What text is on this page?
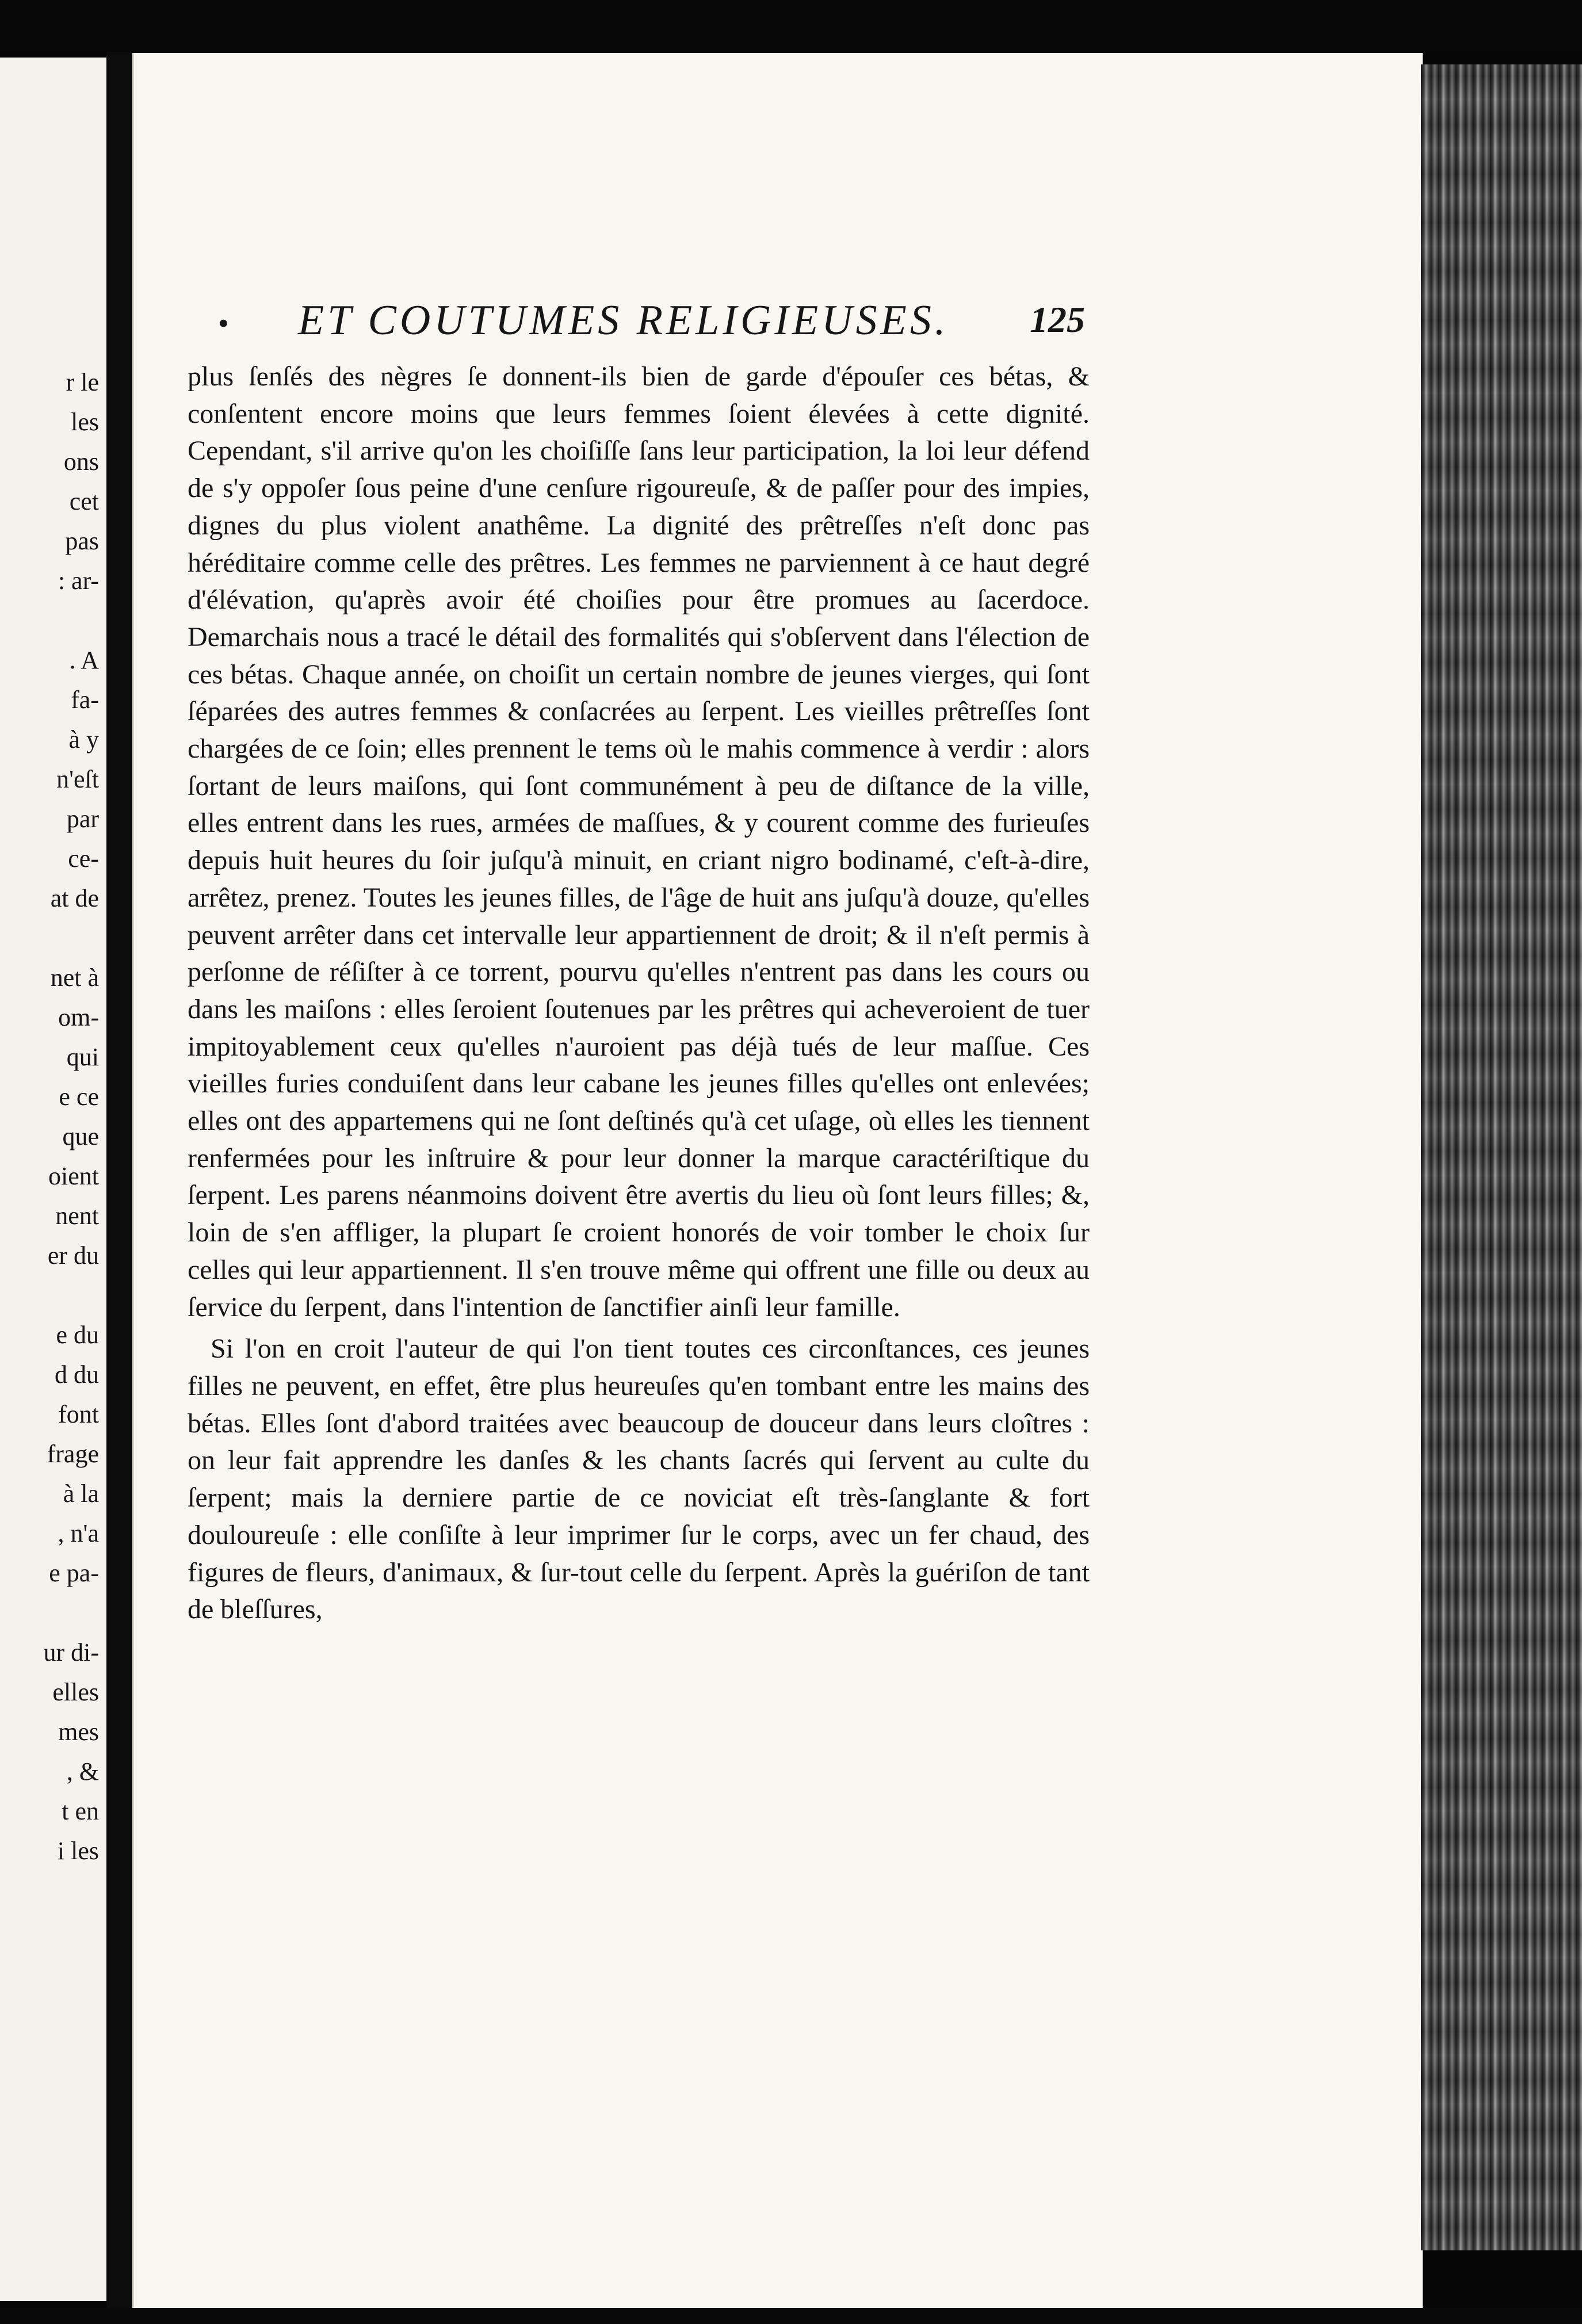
r le
les
ons
cet
pas
: ar-
. A
fa-
à y
n'eſt
par
ce-
at de
net à
om-
qui
e ce
que
oient
nent
er du
e du
d du
font
frage
à la
, n'a
e pa-
ur di-
elles
mes
, &
t en
i les
• ET COUTUMES RELIGIEUSES. 125

plus ſenſés des nègres ſe donnent-ils bien de garde d'épouſer ces bétas, & conſentent encore moins que leurs femmes ſoient élevées à cette dignité. Cependant, s'il arrive qu'on les choiſiſſe ſans leur participation, la loi leur défend de s'y oppoſer ſous peine d'une cenſure rigoureuſe, & de paſſer pour des impies, dignes du plus violent anathême. La dignité des prêtreſſes n'eſt donc pas héréditaire comme celle des prêtres. Les femmes ne parviennent à ce haut degré d'élévation, qu'après avoir été choiſies pour être promues au ſacerdoce. Demarchais nous a tracé le détail des formalités qui s'obſervent dans l'élection de ces bétas. Chaque année, on choiſit un certain nombre de jeunes vierges, qui ſont ſéparées des autres femmes & conſacrées au ſerpent. Les vieilles prêtreſſes ſont chargées de ce ſoin; elles prennent le tems où le mahis commence à verdir : alors ſortant de leurs maiſons, qui ſont communément à peu de diſtance de la ville, elles entrent dans les rues, armées de maſſues, & y courent comme des furieuſes depuis huit heures du ſoir juſqu'à minuit, en criant nigro bodinamé, c'eſt-à-dire, arrêtez, prenez. Toutes les jeunes filles, de l'âge de huit ans juſqu'à douze, qu'elles peuvent arrêter dans cet intervalle leur appartiennent de droit; & il n'eſt permis à perſonne de réſiſter à ce torrent, pourvu qu'elles n'entrent pas dans les cours ou dans les maiſons : elles ſeroient ſoutenues par les prêtres qui acheveroient de tuer impitoyablement ceux qu'elles n'auroient pas déjà tués de leur maſſue. Ces vieilles furies conduiſent dans leur cabane les jeunes filles qu'elles ont enlevées; elles ont des appartemens qui ne ſont deſtinés qu'à cet uſage, où elles les tiennent renfermées pour les inſtruire & pour leur donner la marque caractériſtique du ſerpent. Les parens néanmoins doivent être avertis du lieu où ſont leurs filles; &, loin de s'en affliger, la plupart ſe croient honorés de voir tomber le choix ſur celles qui leur appartiennent. Il s'en trouve même qui offrent une fille ou deux au ſervice du ſerpent, dans l'intention de ſanctifier ainſi leur famille.

Si l'on en croit l'auteur de qui l'on tient toutes ces circonſtances, ces jeunes filles ne peuvent, en effet, être plus heureuſes qu'en tombant entre les mains des bétas. Elles ſont d'abord traitées avec beaucoup de douceur dans leurs cloîtres : on leur fait apprendre les danſes & les chants ſacrés qui ſervent au culte du ſerpent; mais la derniere partie de ce noviciat eſt très-ſanglante & fort douloureuſe : elle conſiſte à leur imprimer ſur le corps, avec un fer chaud, des figures de fleurs, d'animaux, & ſur-tout celle du ſerpent. Après la guériſon de tant de bleſſures,
